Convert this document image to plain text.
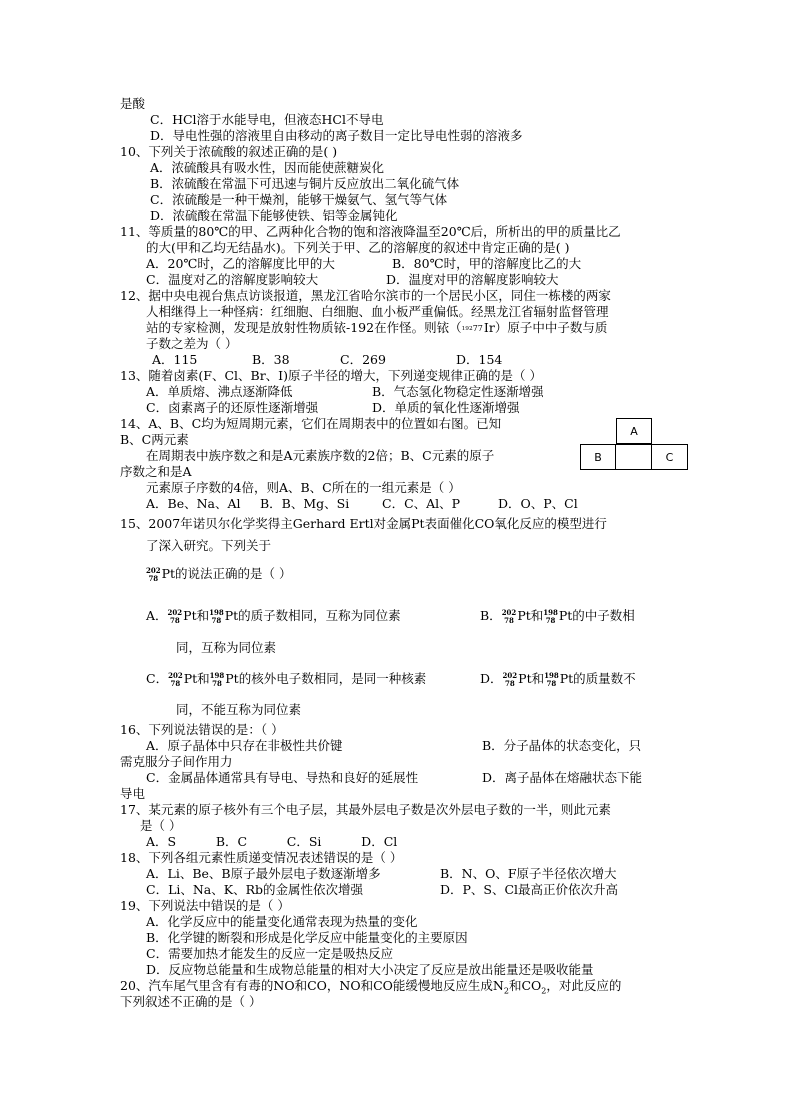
是酸
C．HCl溶于水能导电，但液态HCl不导电
D．导电性强的溶液里自由移动的离子数目一定比导电性弱的溶液多
10、下列关于浓硫酸的叙述正确的是( )
A．浓硫酸具有吸水性，因而能使蔗糖炭化
B．浓硫酸在常温下可迅速与铜片反应放出二氧化硫气体
C．浓硫酸是一种干燥剂，能够干燥氨气、氢气等气体
D．浓硫酸在常温下能够使铁、铝等金属钝化
11、等质量的80℃的甲、乙两种化合物的饱和溶液降温至20℃后，所析出的甲的质量比乙
的大(甲和乙均无结晶水)。下列关于甲、乙的溶解度的叙述中肯定正确的是( )
A．20℃时，乙的溶解度比甲的大	B．80℃时，甲的溶解度比乙的大
C．温度对乙的溶解度影响较大	D．温度对甲的溶解度影响较大
12、据中央电视台焦点访谈报道，黑龙江省哈尔滨市的一个居民小区，同住一栋楼的两家
人相继得上一种怪病：红细胞、白细胞、血小板严重偏低。经黑龙江省辐射监督管理
站的专家检测，发现是放射性物质铱-192在作怪。则铱（ 192 77 Ir）原子中中子数与质
子数之差为（ ）
A．115	B．38	C．269	D．154
13、随着卤素(F、Cl、Br、I)原子半径的增大，下列递变规律正确的是（ ）
A．单质熔、沸点逐渐降低	B．气态氢化物稳定性逐渐增强
C．卤素离子的还原性逐渐增强	D．单质的氧化性逐渐增强
14、A、B、C均为短周期元素，它们在周期表中的位置如右图。已知
B、C两元素
在周期表中族序数之和是A元素族序数的2倍；B、C元素的原子
序数之和是A
元素原子序数的4倍，则A、B、C所在的一组元素是（ ）
A．Be、Na、Al B．B、Mg、Si	C．C、Al、P	D．O、P、Cl
A
B	C
15、2007年诺贝尔化学奖得主Gerhard Ertl对金属Pt表面催化CO氧化反应的模型进行
了深入研究。下列关于
202
78 Pt的说法正确的是（ ）
A． 202
78 Pt和 198
78 Pt的质子数相同，互称为同位素	B． 202
78 Pt和 198
78 Pt的中子数相
同，互称为同位素
C． 202
78 Pt和 198
78 Pt的核外电子数相同，是同一种核素	D． 202
78 Pt和 198
78 Pt的质量数不
同，不能互称为同位素
16、下列说法错误的是：（ ）
A．原子晶体中只存在非极性共价键	B．分子晶体的状态变化，只
需克服分子间作用力
C．金属晶体通常具有导电、导热和良好的延展性	D．离子晶体在熔融状态下能
导电
17、某元素的原子核外有三个电子层，其最外层电子数是次外层电子数的一半，则此元素
是（ ）
A．S          B．C          C．Si          D．Cl
18、下列各组元素性质递变情况表述错误的是（ ）
A．Li、Be、B原子最外层电子数逐渐增多	B．N、O、F原子半径依次增大
C．Li、Na、K、Rb的金属性依次增强	D．P、S、Cl最高正价依次升高
19、下列说法中错误的是（ ）
A．化学反应中的能量变化通常表现为热量的变化
B．化学键的断裂和形成是化学反应中能量变化的主要原因
C．需要加热才能发生的反应一定是吸热反应
D．反应物总能量和生成物总能量的相对大小决定了反应是放出能量还是吸收能量
20、汽车尾气里含有有毒的NO和CO，NO和CO能缓慢地反应生成$N_2$和$CO_2$，对此反应的
下列叙述不正确的是（ ）
